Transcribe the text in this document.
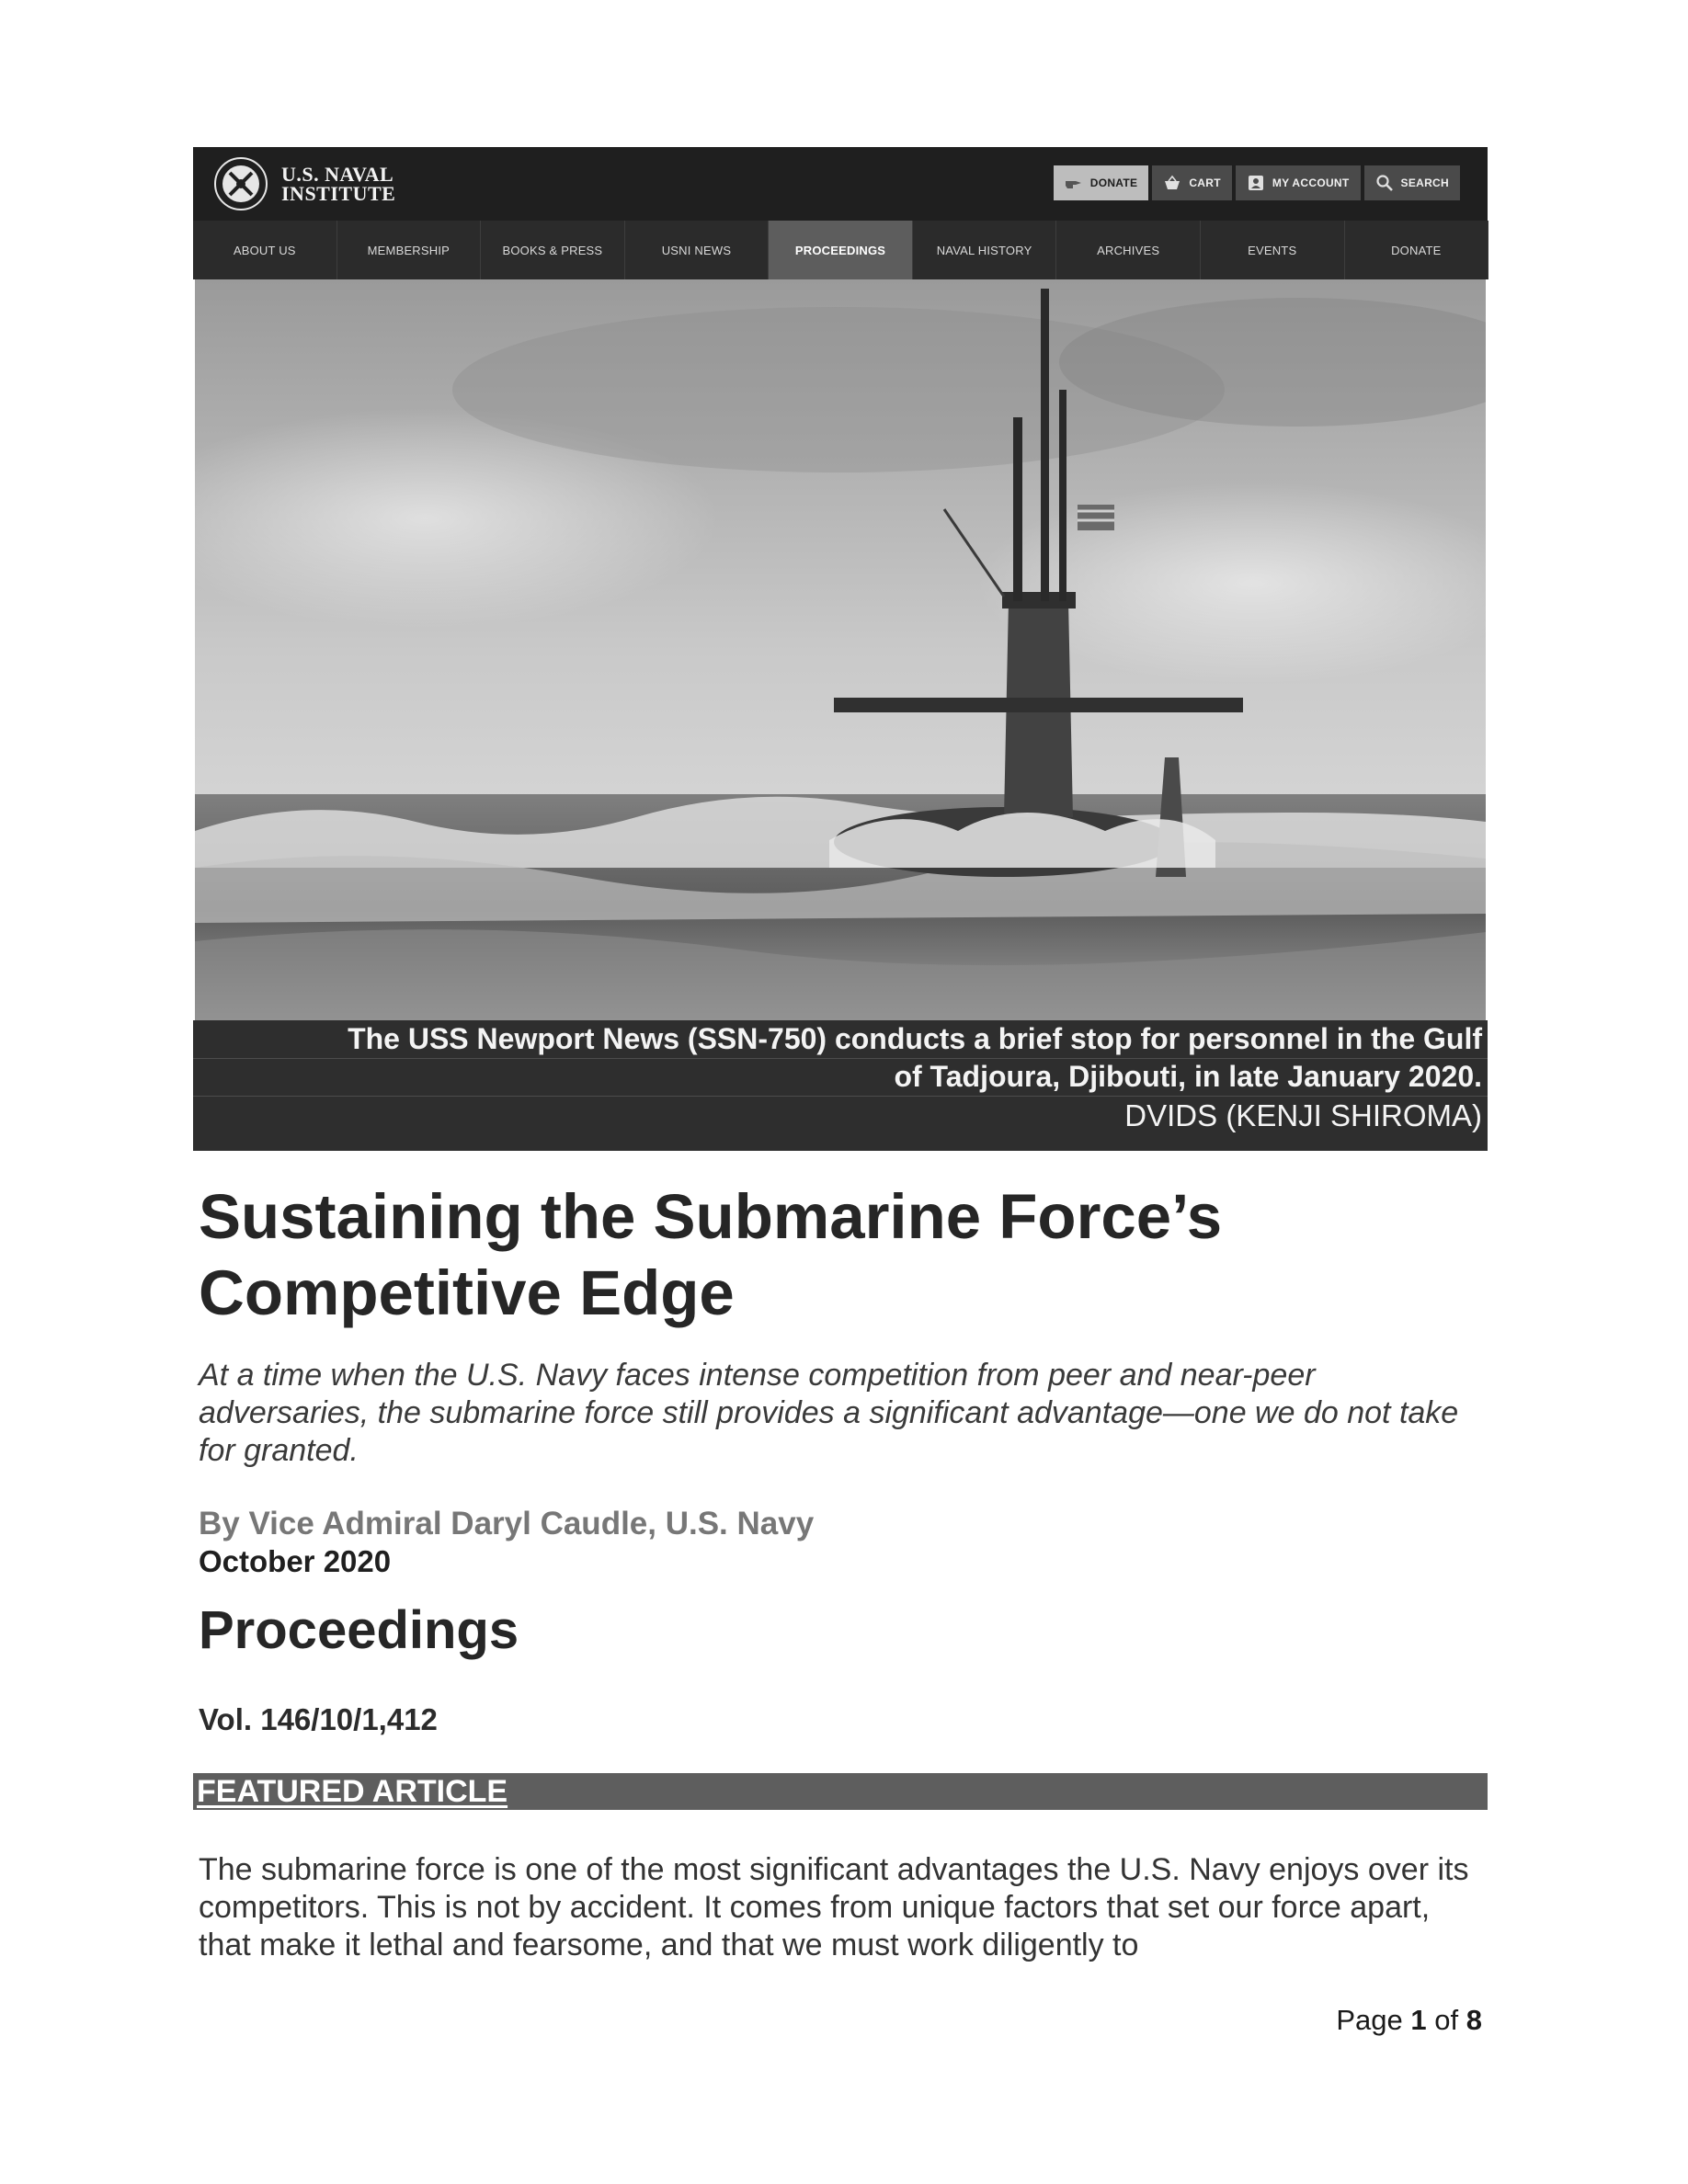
U.S. NAVAL
INSTITUTE	DONATE	CART	MY ACCOUNT	SEARCH
ABOUT US	MEMBERSHIP	BOOKS & PRESS	USNI NEWS	PROCEEDINGS	NAVAL HISTORY	ARCHIVES	EVENTS	DONATE
The USS Newport News (SSN-750) conducts a brief stop for personnel in the Gulf
of Tadjoura, Djibouti, in late January 2020.
DVIDS (KENJI SHIROMA)
Sustaining the Submarine Force’s Competitive Edge

At a time when the U.S. Navy faces intense competition from peer and near-peer adversaries, the submarine force still provides a significant advantage—one we do not take for granted.

By Vice Admiral Daryl Caudle, U.S. Navy
October 2020
Proceedings
Vol. 146/10/1,412
FEATURED ARTICLE

The submarine force is one of the most significant advantages the U.S. Navy enjoys over its competitors. This is not by accident. It comes from unique factors that set our force apart, that make it lethal and fearsome, and that we must work diligently to

Page 1 of 8
